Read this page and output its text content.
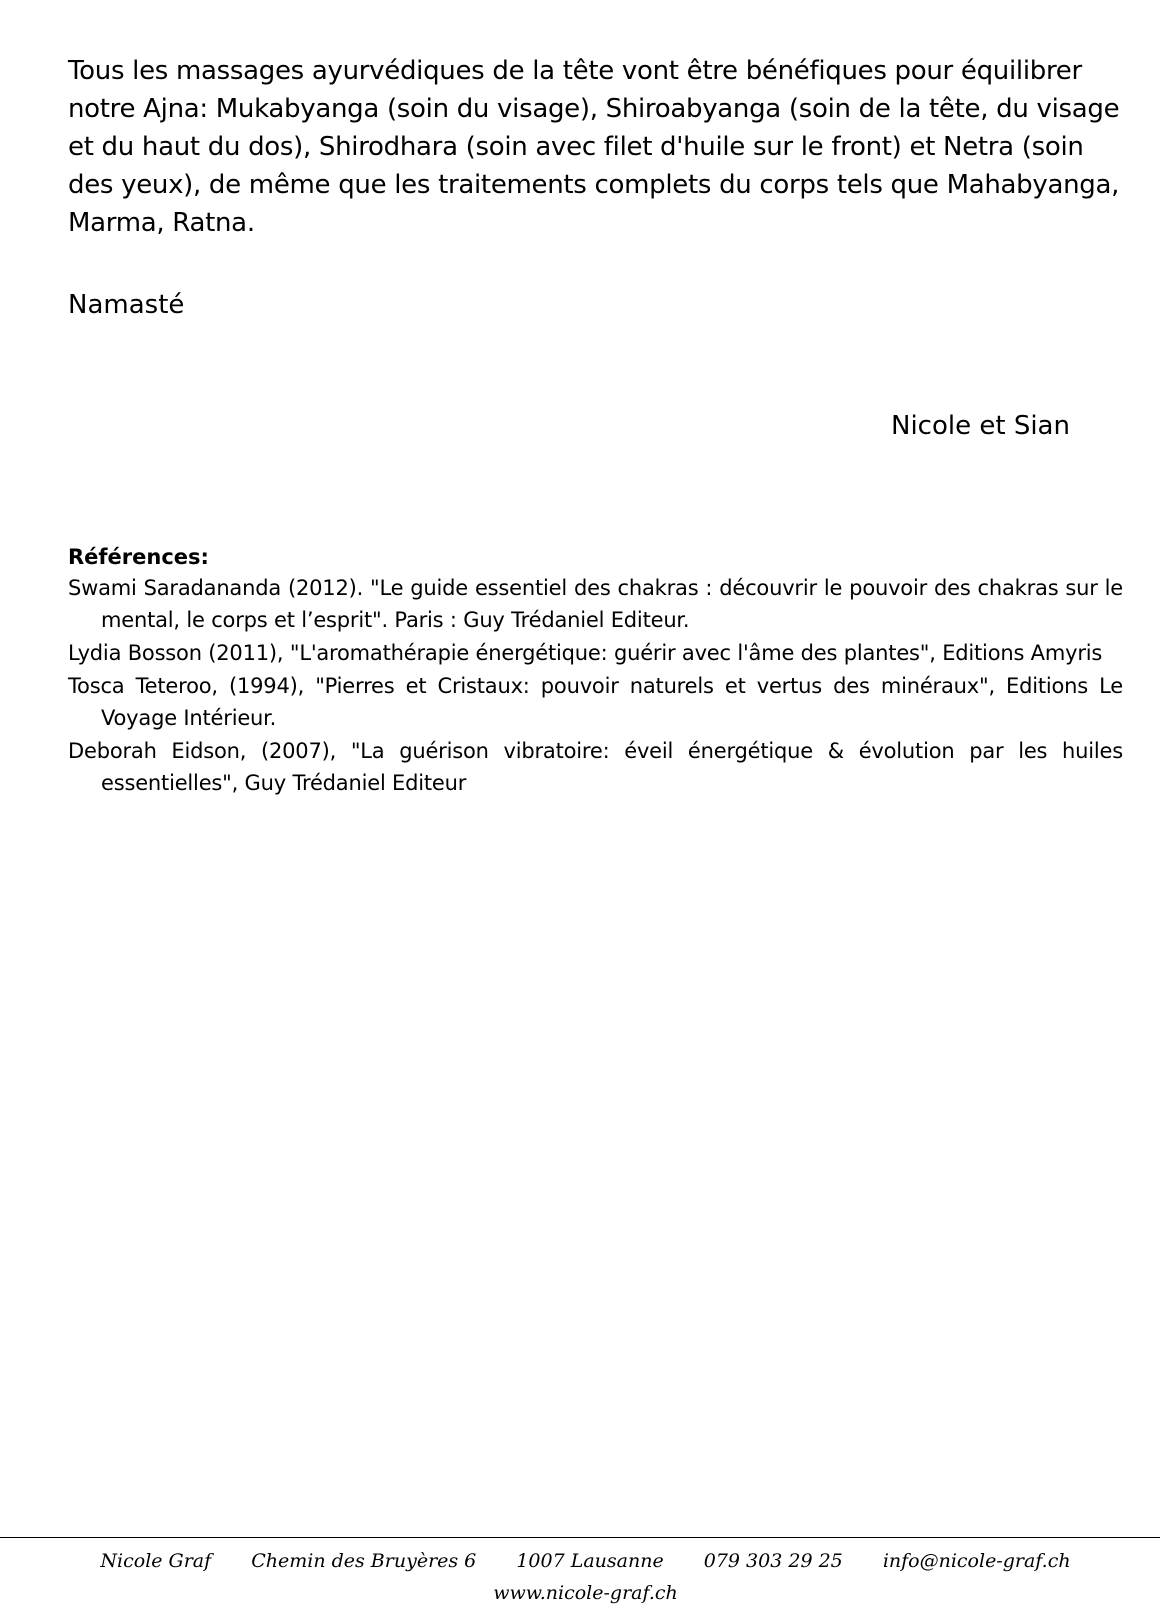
Tous les massages ayurvédiques de la tête vont être bénéfiques pour équilibrer notre Ajna: Mukabyanga (soin du visage), Shiroabyanga (soin de la tête, du visage et du haut du dos), Shirodhara (soin avec filet d'huile sur le front) et Netra (soin des yeux), de même que les traitements complets du corps tels que Mahabyanga, Marma, Ratna.

Namasté

Nicole et Sian

Références:
Swami Saradananda (2012). "Le guide essentiel des chakras : découvrir le pouvoir des chakras sur le mental, le corps et l’esprit". Paris : Guy Trédaniel Editeur.
Lydia Bosson (2011), "L'aromathérapie énergétique: guérir avec l'âme des plantes", Editions Amyris
Tosca Teteroo, (1994), "Pierres et Cristaux: pouvoir naturels et vertus des minéraux", Editions Le Voyage Intérieur.
Deborah Eidson, (2007), "La guérison vibratoire: éveil énergétique & évolution par les huiles essentielles", Guy Trédaniel Editeur
Nicole Graf Chemin des Bruyères 6 1007 Lausanne 079 303 29 25 info@nicole-graf.ch
www.nicole-graf.ch
